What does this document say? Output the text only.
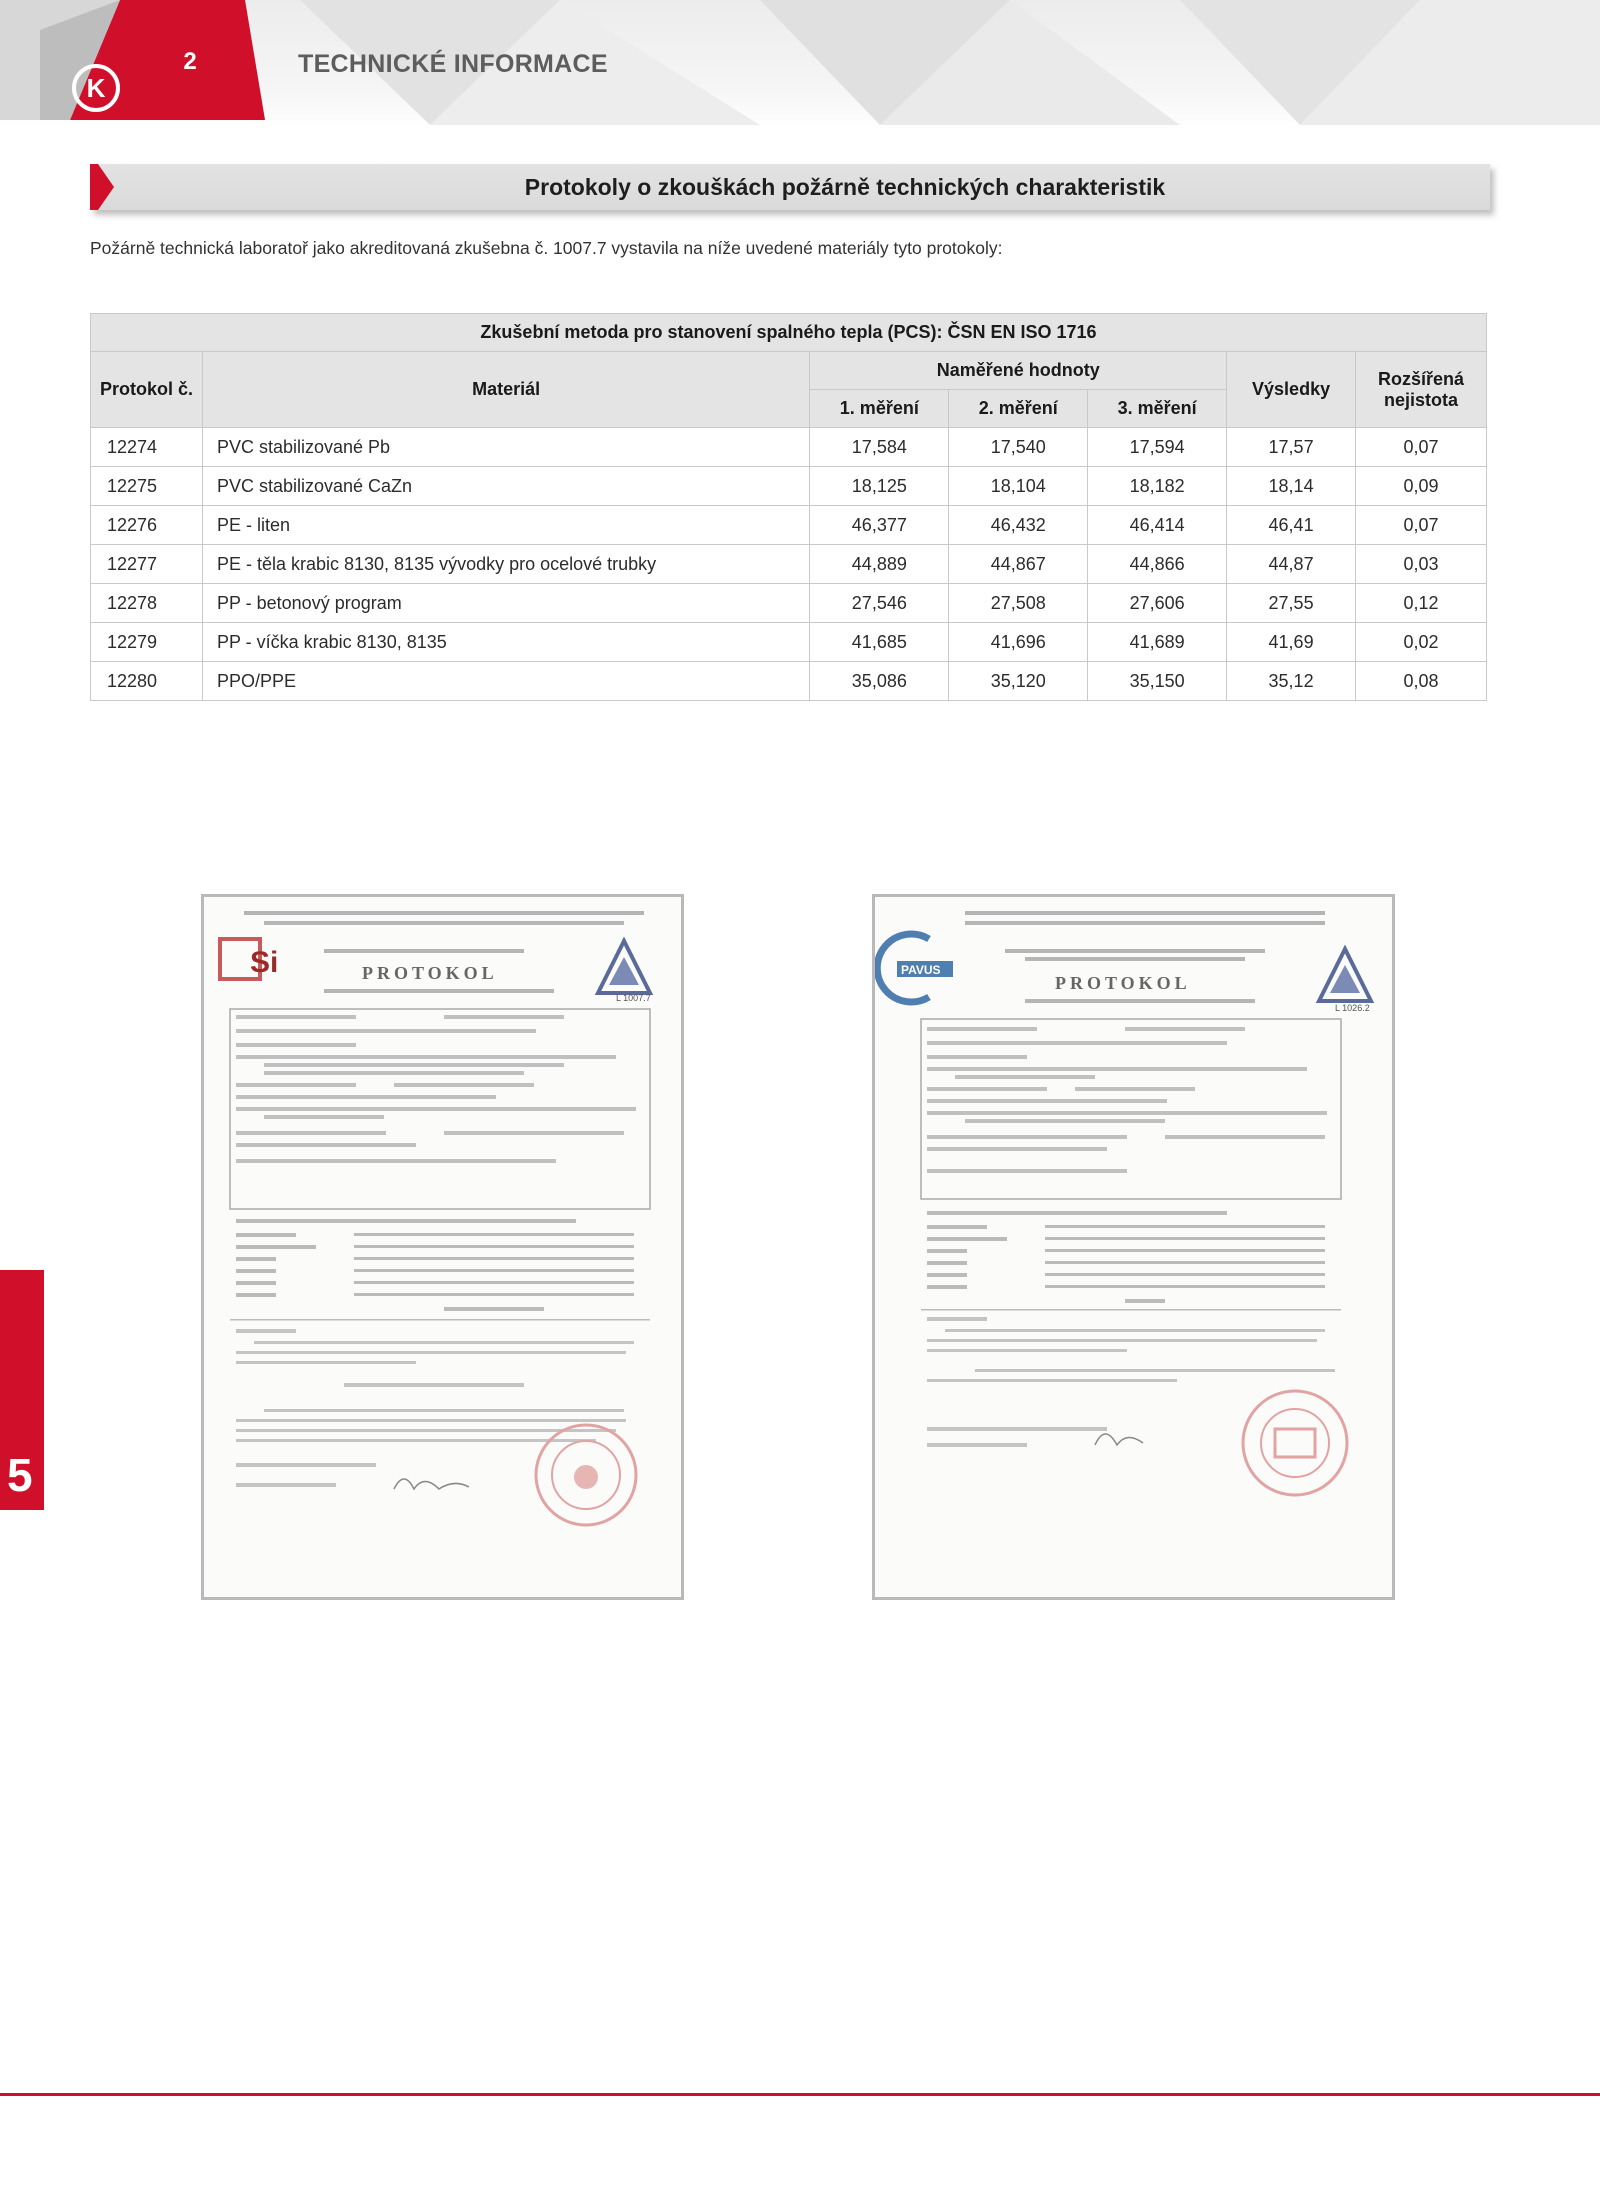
K
2	TECHNICKÉ INFORMACE
Protokoly o zkouškách požárně technických charakteristik
Požárně technická laboratoř jako akreditovaná zkušebna č. 1007.7 vystavila na níže uvedené materiály tyto protokoly:
Zkušební metoda pro stanovení spalného tepla (PCS): ČSN EN ISO 1716						
Protokol č.	Materiál	Naměřené hodnoty			Výsledky	Rozšířená nejistota
		1. měření	2. měření	3. měření		
12274	PVC stabilizované Pb	17,584	17,540	17,594	17,57	0,07
12275	PVC stabilizované CaZn	18,125	18,104	18,182	18,14	0,09
12276	PE - liten	46,377	46,432	46,414	46,41	0,07
12277	PE - těla krabic 8130, 8135 vývodky pro ocelové trubky	44,889	44,867	44,866	44,87	0,03
12278	PP - betonový program	27,546	27,508	27,606	27,55	0,12
12279	PP - víčka krabic 8130, 8135	41,685	41,696	41,689	41,69	0,02
12280	PPO/PPE	35,086	35,120	35,150	35,12	0,08
Si
L 1007.7
PROTOKOL	PAVUS
L 1026.2
PROTOKOL
5
